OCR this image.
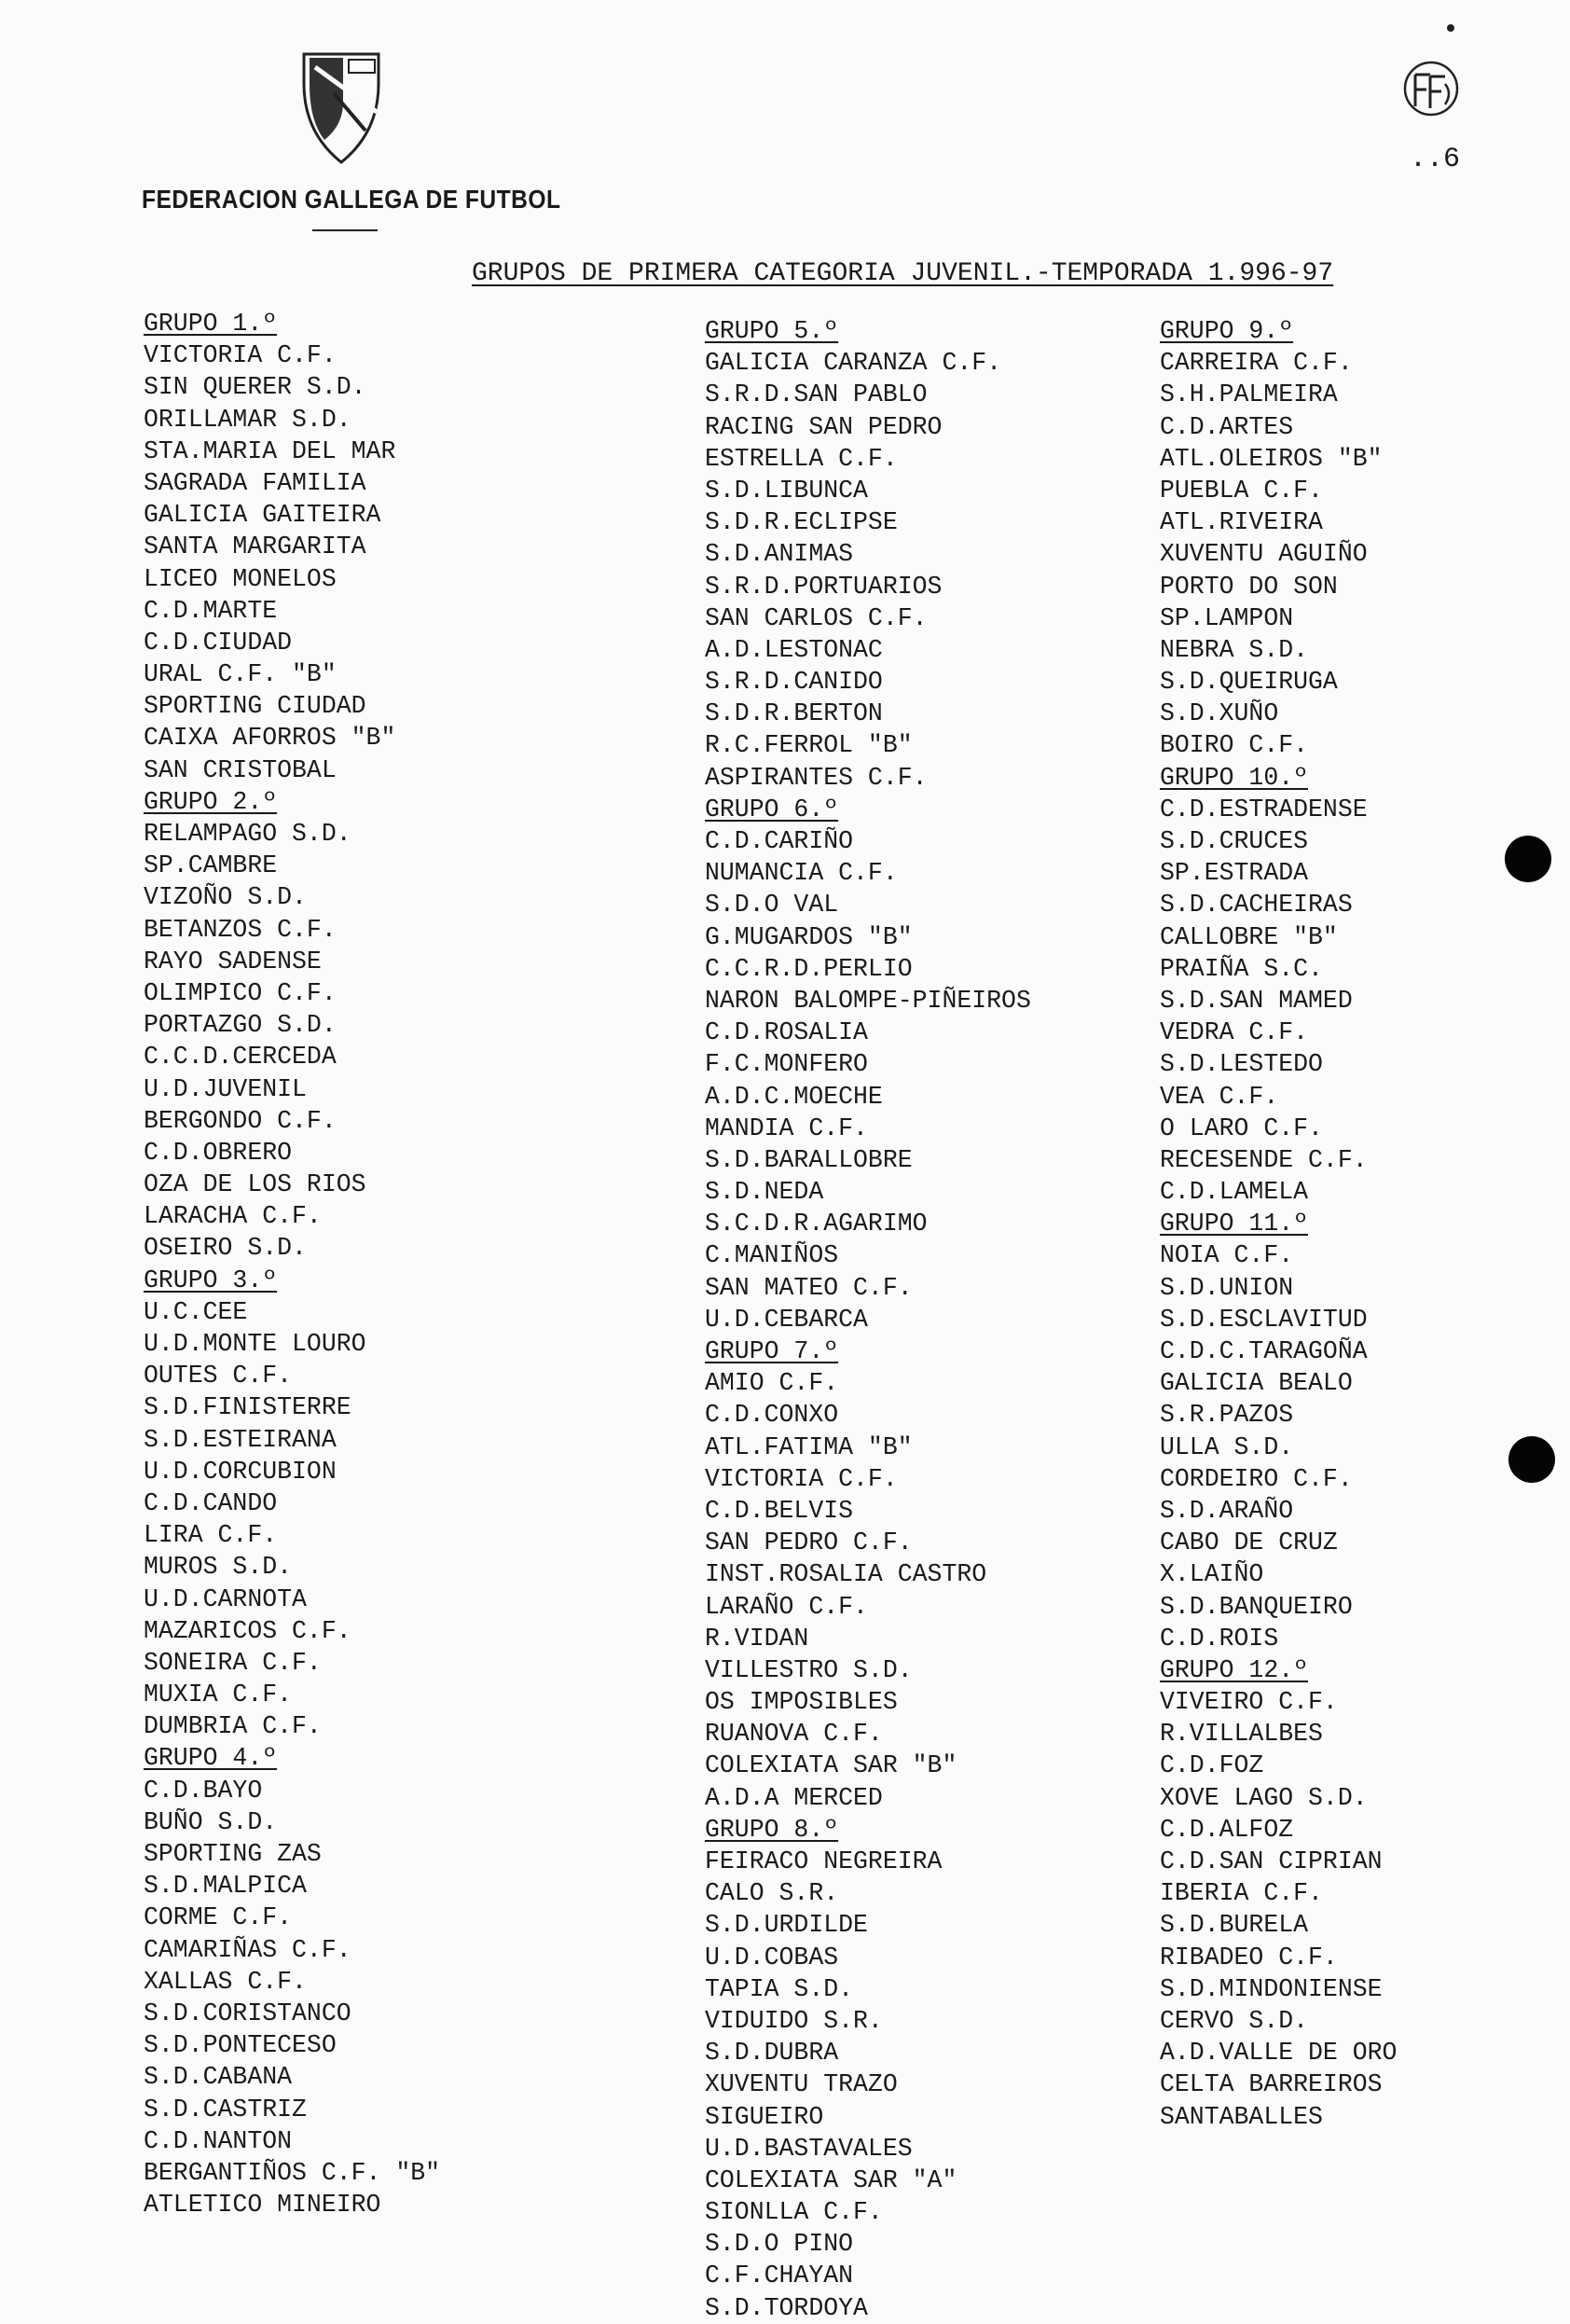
FEDERACION GALLEGA DE FUTBOL
..6
GRUPOS DE PRIMERA CATEGORIA JUVENIL.-TEMPORADA 1.996-97
GRUPO 1.º
VICTORIA C.F.
SIN QUERER S.D.
ORILLAMAR S.D.
STA.MARIA DEL MAR
SAGRADA FAMILIA
GALICIA GAITEIRA
SANTA MARGARITA
LICEO MONELOS
C.D.MARTE
C.D.CIUDAD
URAL C.F. "B"
SPORTING CIUDAD
CAIXA AFORROS "B"
SAN CRISTOBAL
GRUPO 2.º
RELAMPAGO S.D.
SP.CAMBRE
VIZOÑO S.D.
BETANZOS C.F.
RAYO SADENSE
OLIMPICO C.F.
PORTAZGO S.D.
C.C.D.CERCEDA
U.D.JUVENIL
BERGONDO C.F.
C.D.OBRERO
OZA DE LOS RIOS
LARACHA C.F.
OSEIRO S.D.
GRUPO 3.º
U.C.CEE
U.D.MONTE LOURO
OUTES C.F.
S.D.FINISTERRE
S.D.ESTEIRANA
U.D.CORCUBION
C.D.CANDO
LIRA C.F.
MUROS S.D.
U.D.CARNOTA
MAZARICOS C.F.
SONEIRA C.F.
MUXIA C.F.
DUMBRIA C.F.
GRUPO 4.º
C.D.BAYO
BUÑO S.D.
SPORTING ZAS
S.D.MALPICA
CORME C.F.
CAMARIÑAS C.F.
XALLAS C.F.
S.D.CORISTANCO
S.D.PONTECESO
S.D.CABANA
S.D.CASTRIZ
C.D.NANTON
BERGANTIÑOS C.F. "B"
ATLETICO MINEIRO
GRUPO 5.º
GALICIA CARANZA C.F.
S.R.D.SAN PABLO
RACING SAN PEDRO
ESTRELLA C.F.
S.D.LIBUNCA
S.D.R.ECLIPSE
S.D.ANIMAS
S.R.D.PORTUARIOS
SAN CARLOS C.F.
A.D.LESTONAC
S.R.D.CANIDO
S.D.R.BERTON
R.C.FERROL "B"
ASPIRANTES C.F.
GRUPO 6.º
C.D.CARIÑO
NUMANCIA C.F.
S.D.O VAL
G.MUGARDOS "B"
C.C.R.D.PERLIO
NARON BALOMPE-PIÑEIROS
C.D.ROSALIA
F.C.MONFERO
A.D.C.MOECHE
MANDIA C.F.
S.D.BARALLOBRE
S.D.NEDA
S.C.D.R.AGARIMO
C.MANIÑOS
SAN MATEO C.F.
U.D.CEBARCA
GRUPO 7.º
AMIO C.F.
C.D.CONXO
ATL.FATIMA "B"
VICTORIA C.F.
C.D.BELVIS
SAN PEDRO C.F.
INST.ROSALIA CASTRO
LARAÑO C.F.
R.VIDAN
VILLESTRO S.D.
OS IMPOSIBLES
RUANOVA C.F.
COLEXIATA SAR "B"
A.D.A MERCED
GRUPO 8.º
FEIRACO NEGREIRA
CALO S.R.
S.D.URDILDE
U.D.COBAS
TAPIA S.D.
VIDUIDO S.R.
S.D.DUBRA
XUVENTU TRAZO
SIGUEIRO
U.D.BASTAVALES
COLEXIATA SAR "A"
SIONLLA C.F.
S.D.O PINO
C.F.CHAYAN
S.D.TORDOYA
GRUPO 9.º
CARREIRA C.F.
S.H.PALMEIRA
C.D.ARTES
ATL.OLEIROS "B"
PUEBLA C.F.
ATL.RIVEIRA
XUVENTU AGUIÑO
PORTO DO SON
SP.LAMPON
NEBRA S.D.
S.D.QUEIRUGA
S.D.XUÑO
BOIRO C.F.
GRUPO 10.º
C.D.ESTRADENSE
S.D.CRUCES
SP.ESTRADA
S.D.CACHEIRAS
CALLOBRE "B"
PRAIÑA S.C.
S.D.SAN MAMED
VEDRA C.F.
S.D.LESTEDO
VEA C.F.
O LARO C.F.
RECESENDE C.F.
C.D.LAMELA
GRUPO 11.º
NOIA C.F.
S.D.UNION
S.D.ESCLAVITUD
C.D.C.TARAGOÑA
GALICIA BEALO
S.R.PAZOS
ULLA S.D.
CORDEIRO C.F.
S.D.ARAÑO
CABO DE CRUZ
X.LAIÑO
S.D.BANQUEIRO
C.D.ROIS
GRUPO 12.º
VIVEIRO C.F.
R.VILLALBES
C.D.FOZ
XOVE LAGO S.D.
C.D.ALFOZ
C.D.SAN CIPRIAN
IBERIA C.F.
S.D.BURELA
RIBADEO C.F.
S.D.MINDONIENSE
CERVO S.D.
A.D.VALLE DE ORO
CELTA BARREIROS
SANTABALLES
